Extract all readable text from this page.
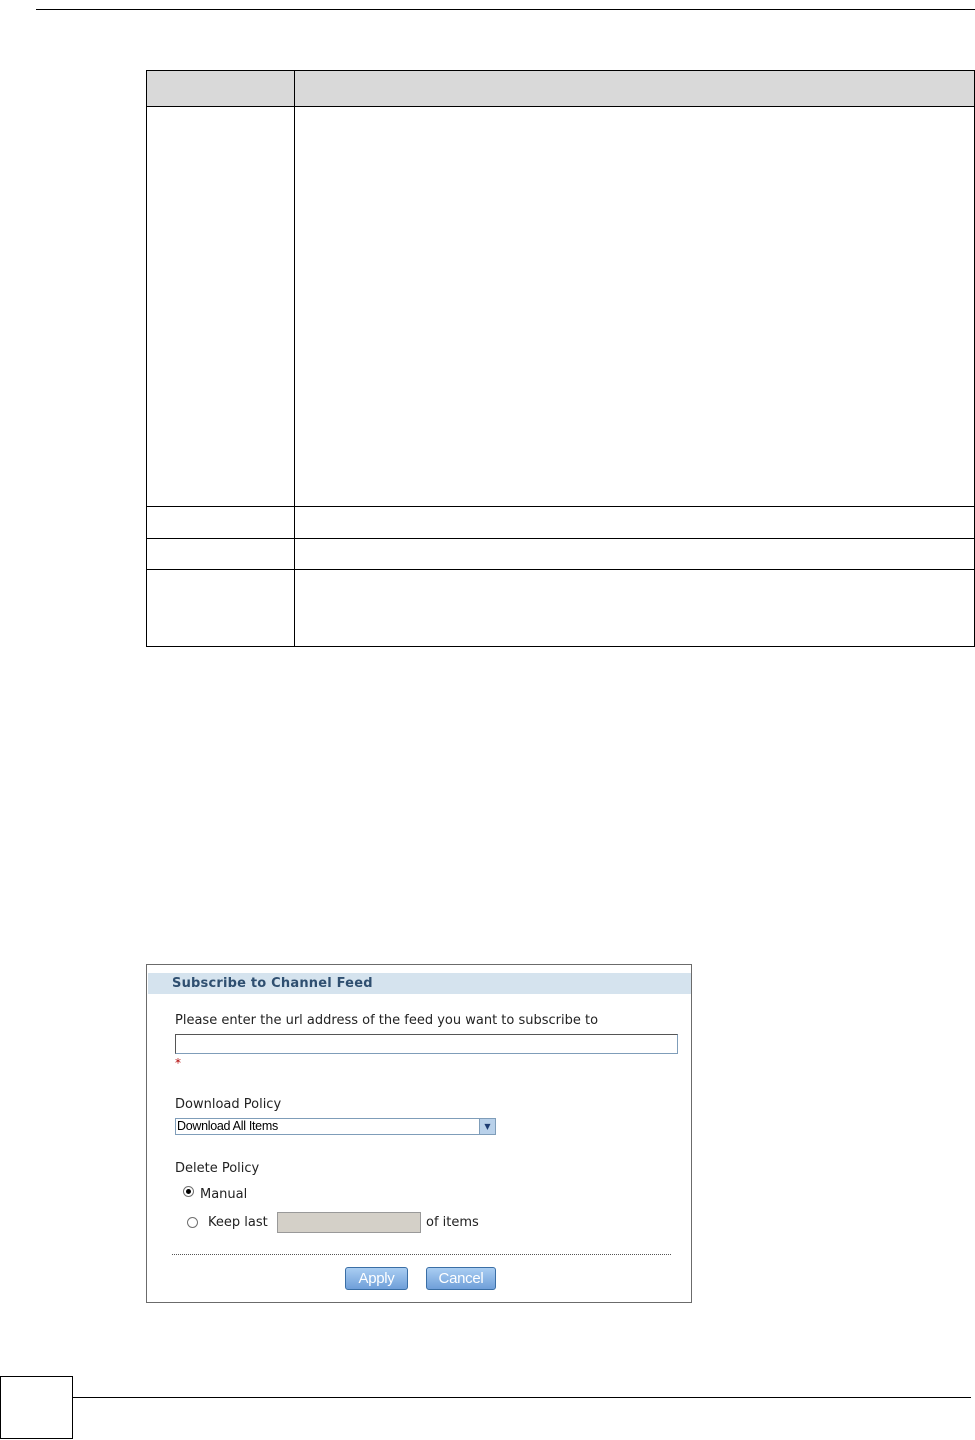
Subscribe to Channel Feed
Please enter the url address of the feed you want to subscribe to
*
Download Policy
Download All Items	▼
Delete Policy
Manual
Keep last	of items
Apply	Cancel
